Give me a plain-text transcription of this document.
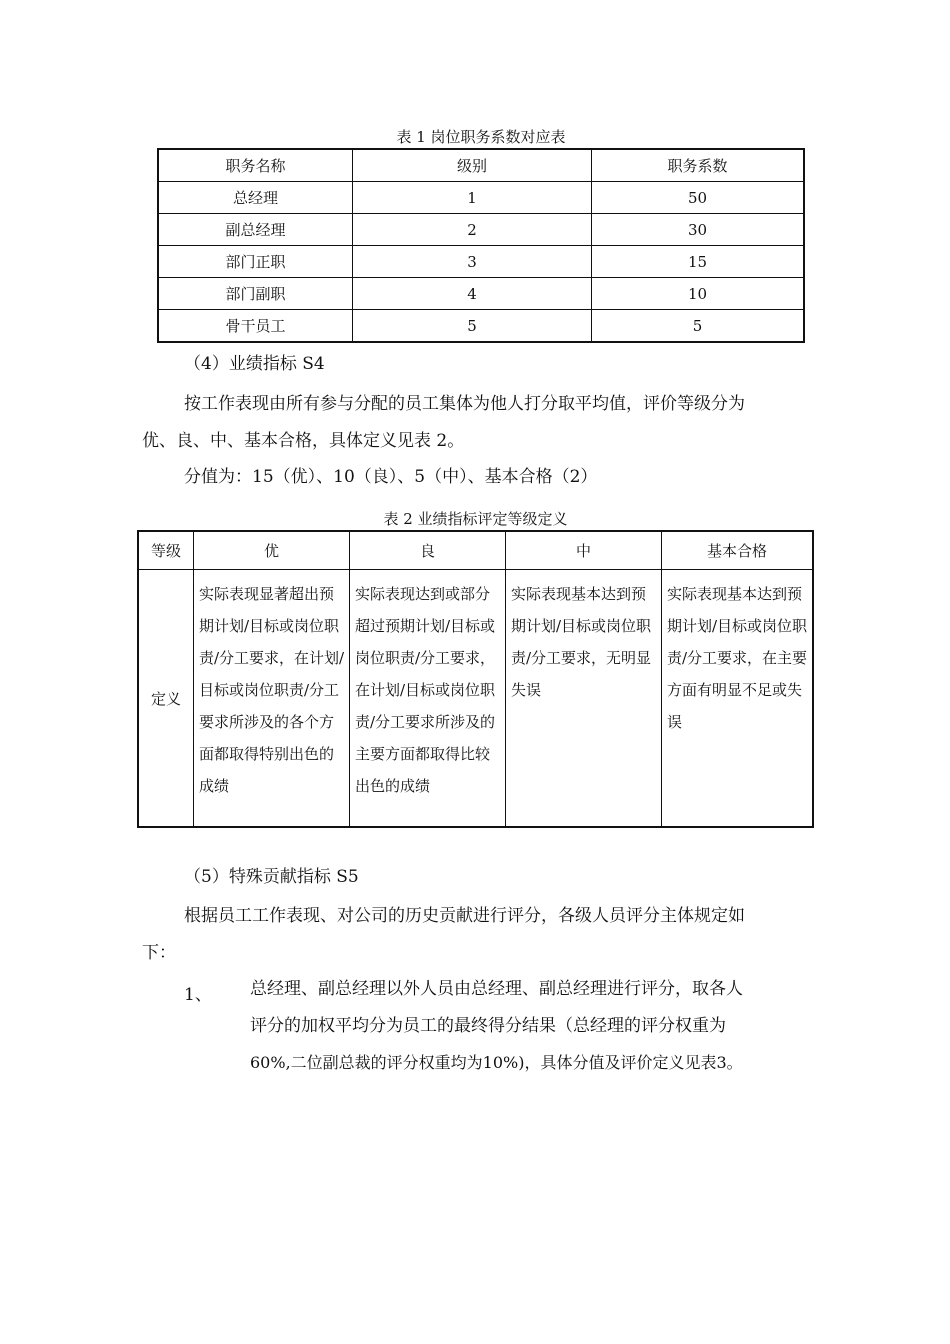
表 1 岗位职务系数对应表
职务名称	级别	职务系数
总经理	1	50
副总经理	2	30
部门正职	3	15
部门副职	4	10
骨干员工	5	5
（4）业绩指标 S4
按工作表现由所有参与分配的员工集体为他人打分取平均值，评价等级分为
优、良、中、基本合格，具体定义见表 2。
分值为：15（优）、10（良）、5（中）、基本合格（2）
表 2 业绩指标评定等级定义
等级	优	良	中	基本合格
定义	实际表现显著超出预期计划/目标或岗位职责/分工要求，在计划/目标或岗位职责/分工要求所涉及的各个方面都取得特别出色的成绩	实际表现达到或部分超过预期计划/目标或岗位职责/分工要求，在计划/目标或岗位职责/分工要求所涉及的主要方面都取得比较出色的成绩	实际表现基本达到预期计划/目标或岗位职责/分工要求，无明显失误	实际表现基本达到预期计划/目标或岗位职责/分工要求，在主要方面有明显不足或失误
（5）特殊贡献指标 S5
根据员工工作表现、对公司的历史贡献进行评分，各级人员评分主体规定如
下：
1、 总经理、副总经理以外人员由总经理、副总经理进行评分，取各人
评分的加权平均分为员工的最终得分结果（总经理的评分权重为
60%,二位副总裁的评分权重均为10%)，具体分值及评价定义见表3。
